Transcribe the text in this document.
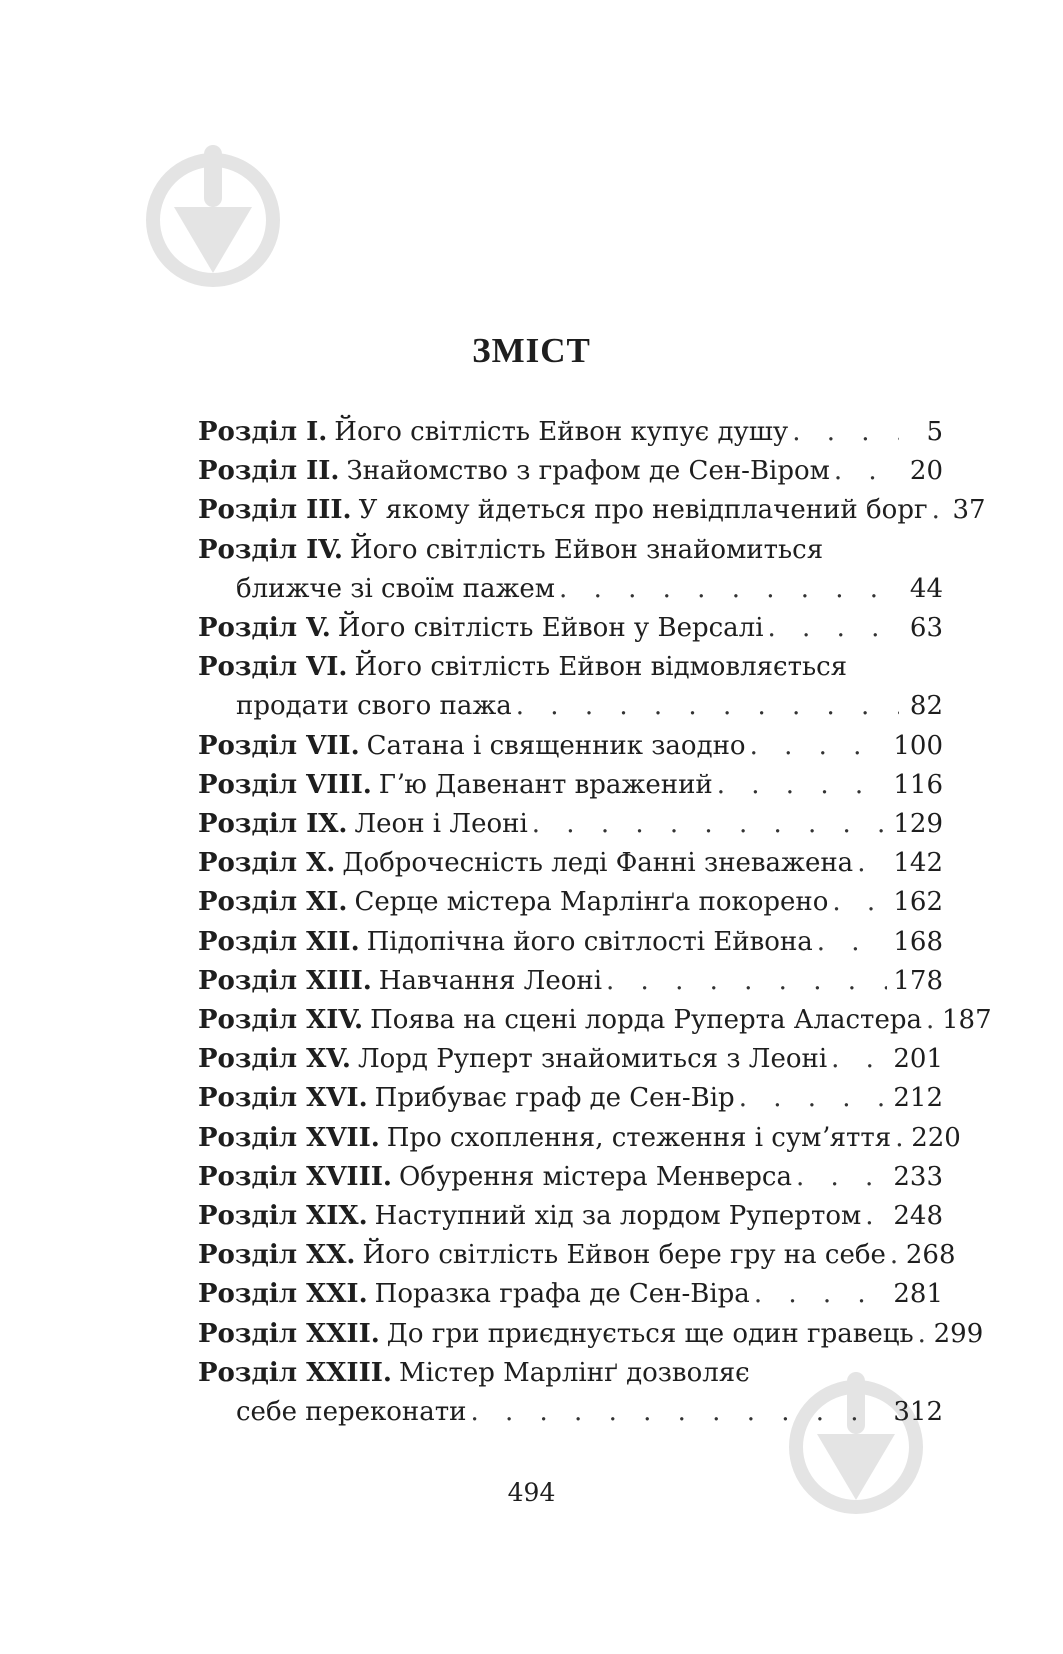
ЗМІСТ
Розділ I. Його світлість Ейвон купує душу . . .	5
Розділ II. Знайомство з графом де Сен-Віром . . .	20
Розділ III. У якому йдеться про невідплачений борг . . . 37
Розділ IV. Його світлість Ейвон знайомиться
ближче зі своїм пажем . . .	44
Розділ V. Його світлість Ейвон у Версалі . . .	63
Розділ VI. Його світлість Ейвон відмовляється
продати свого пажа . . .	82
Розділ VII. Сатана і священник заодно . . .	100
Розділ VIII. Гʼю Давенант вражений . . .	116
Розділ IX. Леон і Леоні . . .	129
Розділ X. Доброчесність леді Фанні зневажена . . . 142
Розділ XI. Серце містера Марлінґа покорено . . . 162
Розділ XII. Підопічна його світлості Ейвона . . .	168
Розділ XIII. Навчання Леоні . . .	178
Розділ XIV. Поява на сцені лорда Руперта Аластера . . . 187
Розділ XV. Лорд Руперт знайомиться з Леоні . . .	201
Розділ XVI. Прибуває граф де Сен-Вір . . .	212
Розділ XVII. Про схоплення, стеження і сумʼяття . . . 220
Розділ XVIII. Обурення містера Менверса . . .	233
Розділ XIX. Наступний хід за лордом Рупертом . . . 248
Розділ XX. Його світлість Ейвон бере гру на себе . . . 268
Розділ XXI. Поразка графа де Сен-Віра . . .	281
Розділ XXII. До гри приєднується ще один гравець . . . 299
Розділ XXIII. Містер Марлінґ дозволяє
себе переконати . . .	312
494
